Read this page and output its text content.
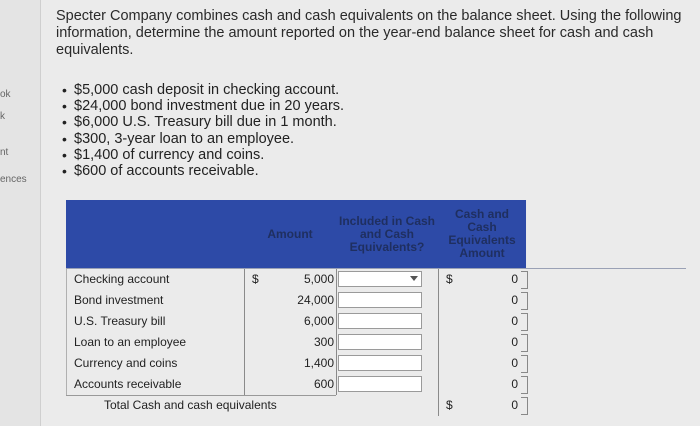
ok
k
nt
ences
Specter Company combines cash and cash equivalents on the balance sheet. Using the following information, determine the amount reported on the year-end balance sheet for cash and cash equivalents.
• $5,000 cash deposit in checking account.
• $24,000 bond investment due in 20 years.
• $6,000 U.S. Treasury bill due in 1 month.
• $300, 3-year loan to an employee.
• $1,400 of currency and coins.
• $600 of accounts receivable.
Amount
Included in Cash and Cash Equivalents?
Cash and Cash Equivalents Amount
Checking account	$	5,000	$	0
Bond investment	24,000	0
U.S. Treasury bill	6,000	0
Loan to an employee	300	0
Currency and coins	1,400	0
Accounts receivable	600	0
Total Cash and cash equivalents	$	0
